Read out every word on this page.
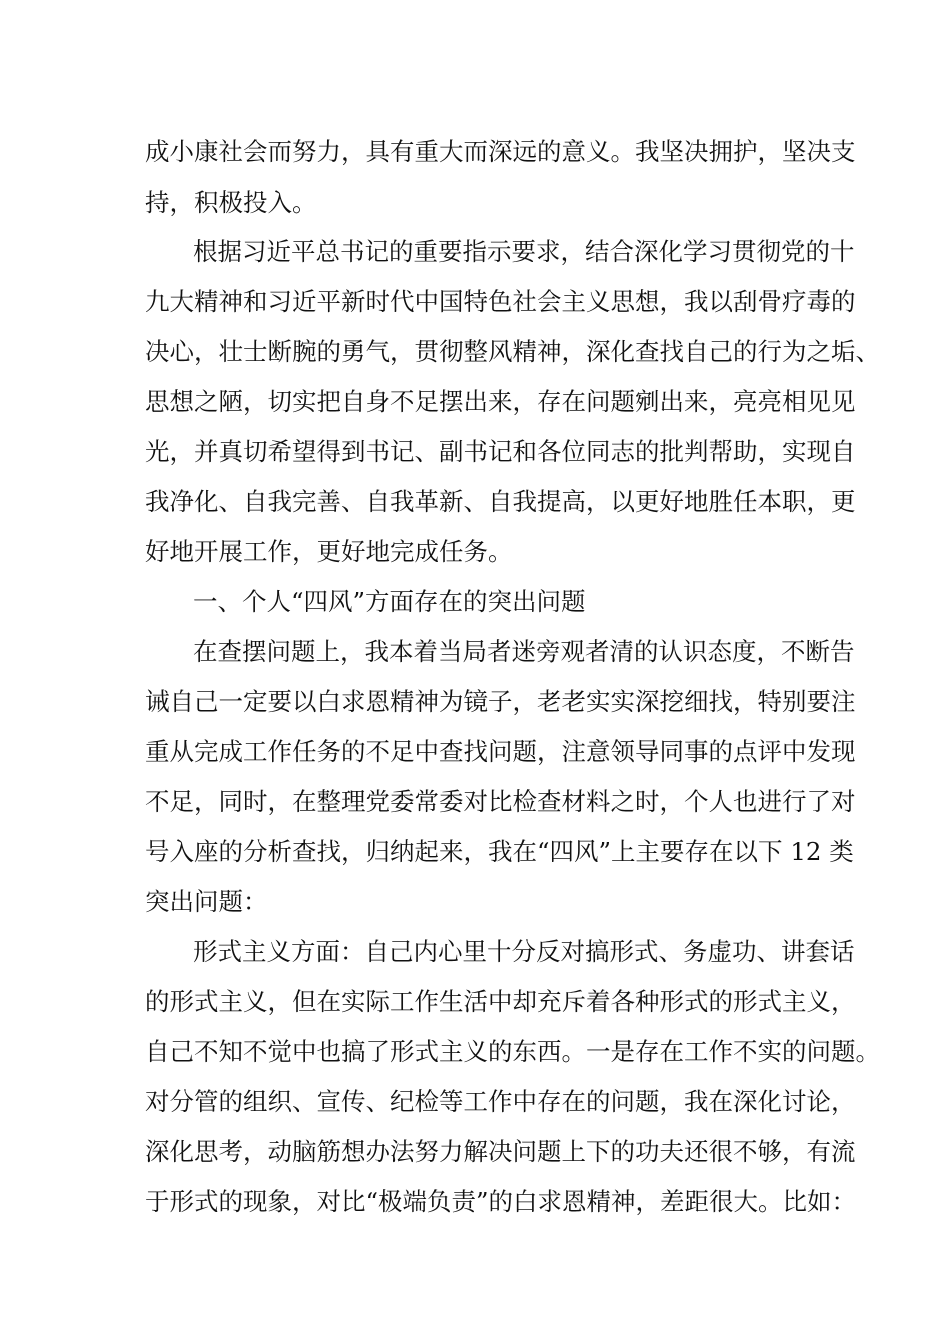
成小康社会而努力，具有重大而深远的意义。我坚决拥护，坚决支
持，积极投入。
根据习近平总书记的重要指示要求，结合深化学习贯彻党的十
九大精神和习近平新时代中国特色社会主义思想，我以刮骨疗毒的
决心，壮士断腕的勇气，贯彻整风精神，深化查找自己的行为之垢、
思想之陋，切实把自身不足摆出来，存在问题剜出来，亮亮相见见
光，并真切希望得到书记、副书记和各位同志的批判帮助，实现自
我净化、自我完善、自我革新、自我提高，以更好地胜任本职，更
好地开展工作，更好地完成任务。
一、个人“四风”方面存在的突出问题
在查摆问题上，我本着当局者迷旁观者清的认识态度，不断告
诫自己一定要以白求恩精神为镜子，老老实实深挖细找，特别要注
重从完成工作任务的不足中查找问题，注意领导同事的点评中发现
不足，同时，在整理党委常委对比检查材料之时，个人也进行了对
号入座的分析查找，归纳起来，我在“四风”上主要存在以下 12 类
突出问题：
形式主义方面：自己内心里十分反对搞形式、务虚功、讲套话
的形式主义，但在实际工作生活中却充斥着各种形式的形式主义，
自己不知不觉中也搞了形式主义的东西。一是存在工作不实的问题。
对分管的组织、宣传、纪检等工作中存在的问题，我在深化讨论，
深化思考，动脑筋想办法努力解决问题上下的功夫还很不够，有流
于形式的现象，对比“极端负责”的白求恩精神，差距很大。比如：
